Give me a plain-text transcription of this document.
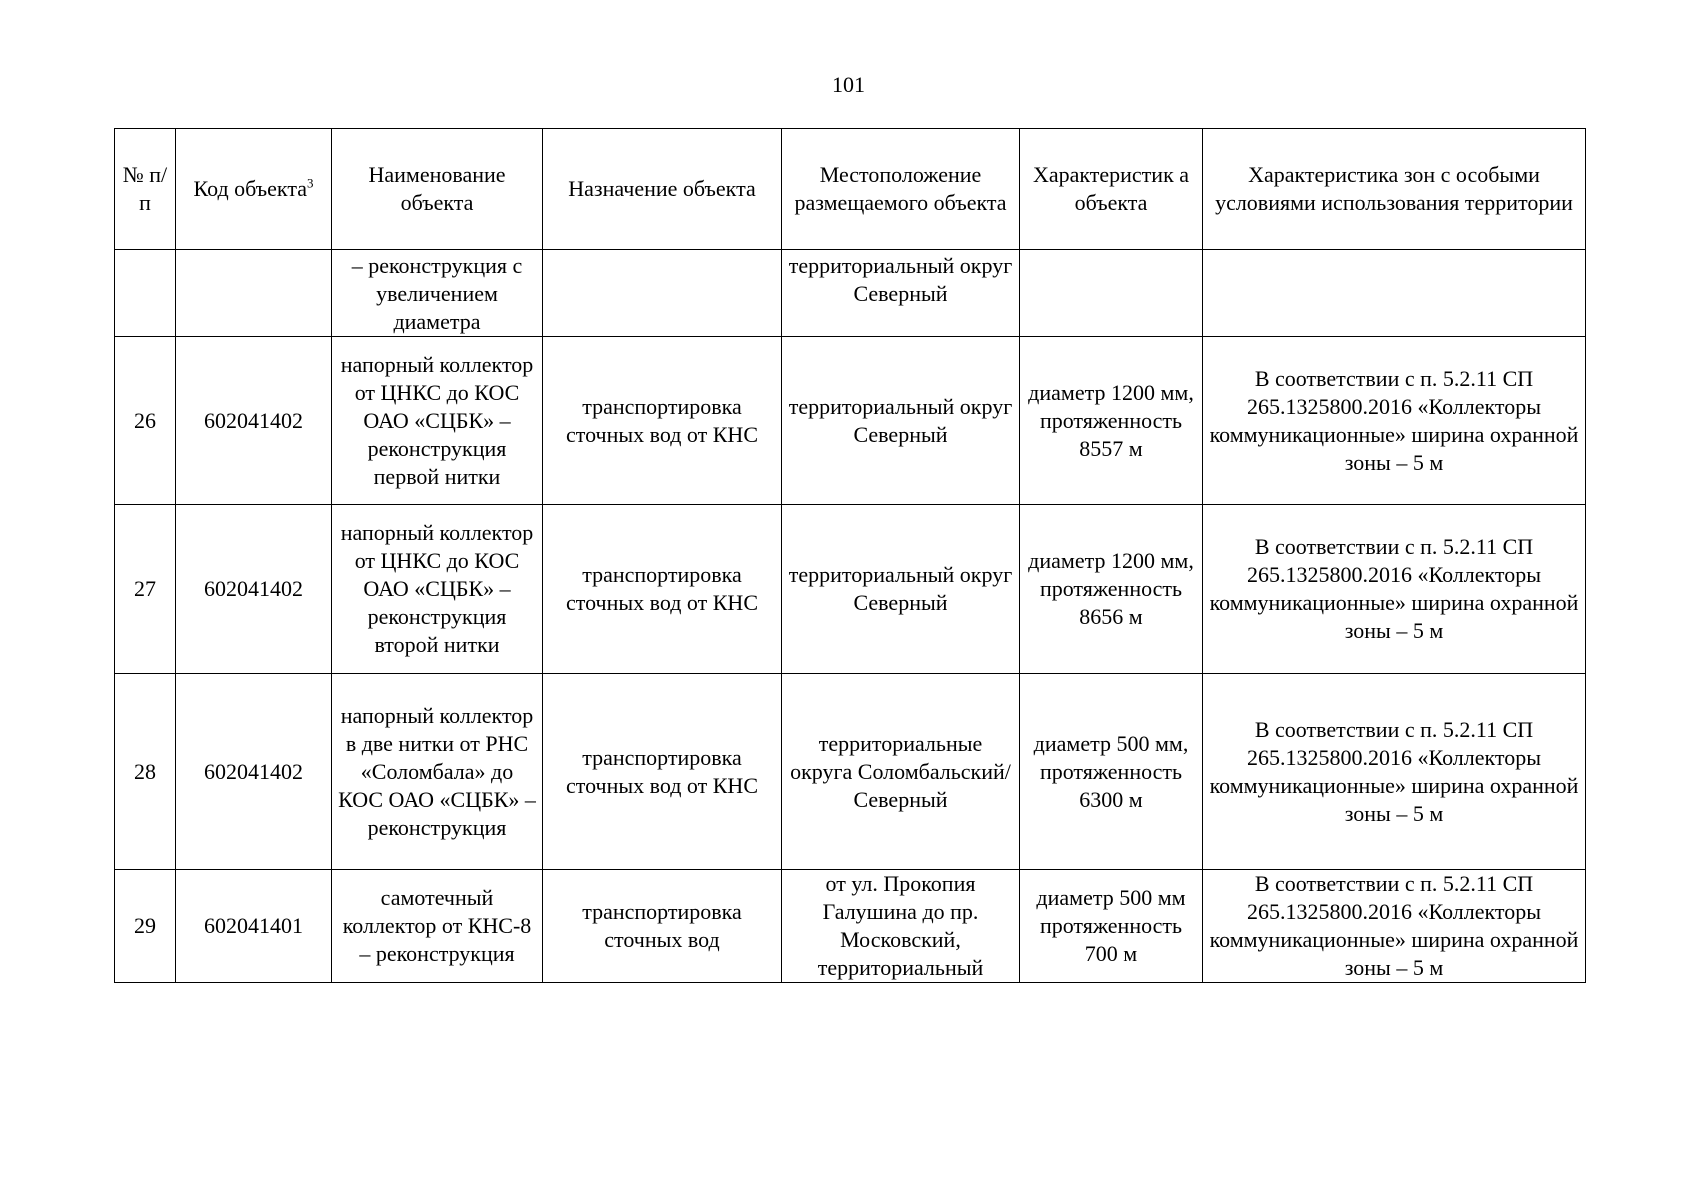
101
№ п/п	Код объекта$^3$	Наименование объекта	Назначение объекта	Местоположение размещаемого объекта	Характеристик а объекта	Характеристика зон с особыми условиями использования территории
		– реконструкция с увеличением диаметра		территориальный округ Северный		
26	602041402	напорный коллектор от ЦНКС до КОС ОАО «СЦБК» – реконструкция первой нитки	транспортировка сточных вод от КНС	территориальный округ Северный	диаметр 1200 мм, протяженность 8557 м	В соответствии с п. 5.2.11 СП 265.1325800.2016 «Коллекторы коммуникационные» ширина охранной зоны – 5 м
27	602041402	напорный коллектор от ЦНКС до КОС ОАО «СЦБК» – реконструкция второй нитки	транспортировка сточных вод от КНС	территориальный округ Северный	диаметр 1200 мм, протяженность 8656 м	В соответствии с п. 5.2.11 СП 265.1325800.2016 «Коллекторы коммуникационные» ширина охранной зоны – 5 м
28	602041402	напорный коллектор в две нитки от РНС «Соломбала» до КОС ОАО «СЦБК» – реконструкция	транспортировка сточных вод от КНС	территориальные округа Соломбальский/Северный	диаметр 500 мм, протяженность 6300 м	В соответствии с п. 5.2.11 СП 265.1325800.2016 «Коллекторы коммуникационные» ширина охранной зоны – 5 м
29	602041401	самотечный коллектор от КНС-8 – реконструкция	транспортировка сточных вод	от ул. Прокопия Галушина до пр. Московский, территориальный	диаметр 500 мм протяженность 700 м	В соответствии с п. 5.2.11 СП 265.1325800.2016 «Коллекторы коммуникационные» ширина охранной зоны – 5 м
